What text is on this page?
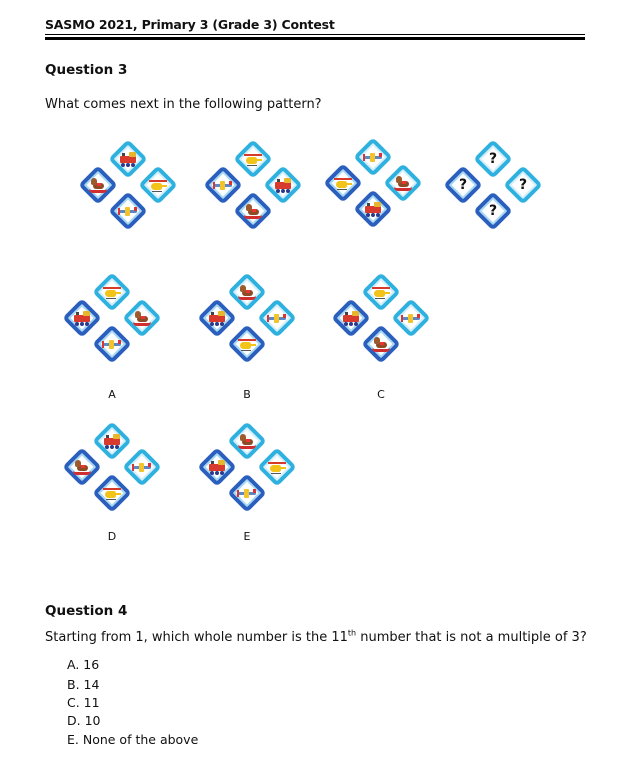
SASMO 2021, Primary 3 (Grade 3) Contest
Question 3
What comes next in the following pattern?
?
?	?
?
A	B	C
D	E
Question 4
Starting from 1, which whole number is the 11th number that is not a multiple of 3?
A. 16
B. 14
C. 11
D. 10
E. None of the above
